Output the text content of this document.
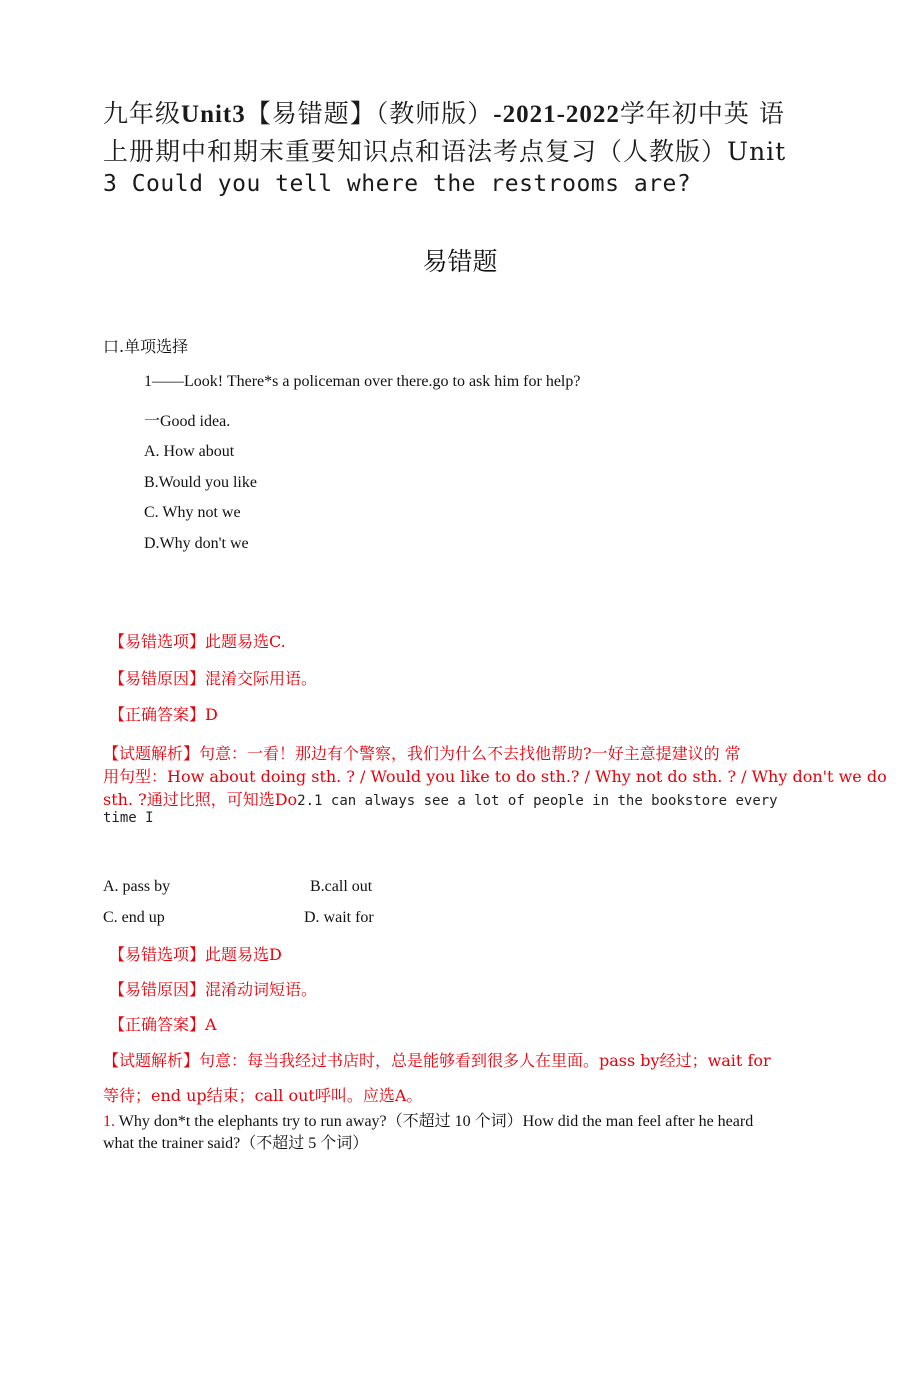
九年级Unit3【易错题】（教师版）-2021-2022学年初中英 语
上册期中和期末重要知识点和语法考点复习（人教版）Unit
3 Could you tell where the restrooms are?
易错题
口.单项选择
1——Look! There*s a policeman over there.go to ask him for help?
一Good idea.
A. How about
B.Would you like
C. Why not we
D.Why don't we
【易错选项】此题易选C.
【易错原因】混淆交际用语。
【正确答案】D
【试题解析】句意：一看！那边有个警察，我们为什么不去找他帮助?一好主意提建议的 常
用句型：How about doing sth. ? / Would you like to do sth.? / Why not do sth. ? / Why don't we do
sth. ?通过比照，可知选Do2.1 can always see a lot of people in the bookstore every
time I
A. pass by	B.call out
C. end up	D. wait for
【易错选项】此题易选D
【易错原因】混淆动词短语。
【正确答案】A
【试题解析】句意：每当我经过书店时，总是能够看到很多人在里面。pass by经过；wait for
等待；end up结束；call out呼叫。应选A。
1. Why don*t the elephants try to run away?（不超过 10 个词）How did the man feel after he heard
what the trainer said?（不超过 5 个词）
